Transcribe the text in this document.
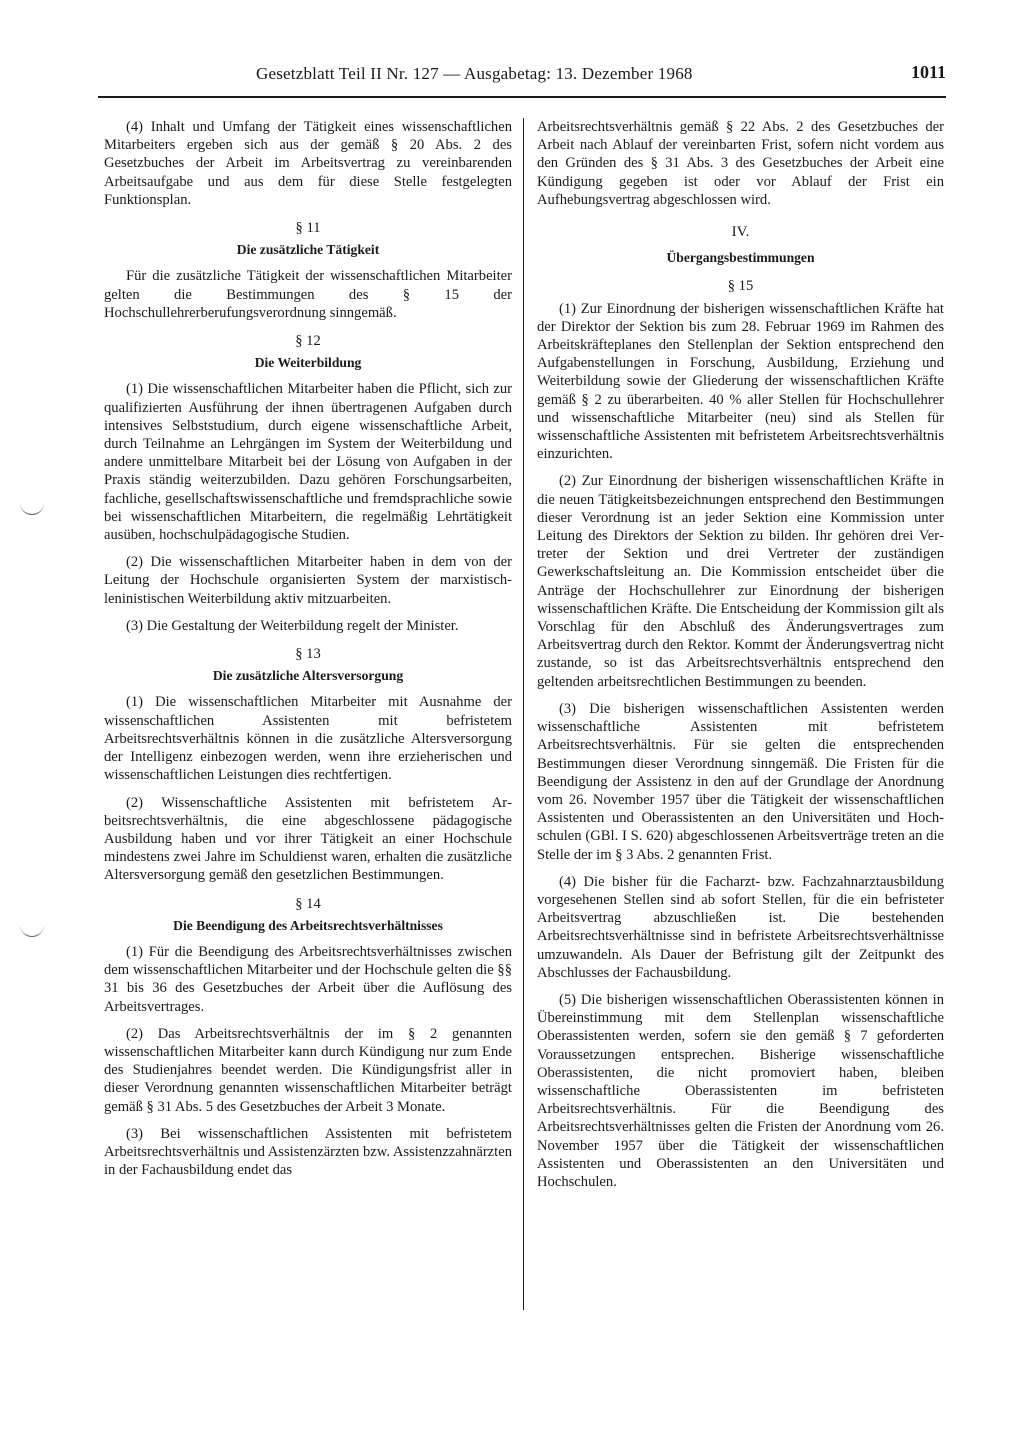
Gesetzblatt Teil II Nr. 127 — Ausgabetag: 13. Dezember 1968	1011

(4) Inhalt und Umfang der Tätigkeit eines wissenschaftlichen Mitarbeiters ergeben sich aus der gemäß § 20 Abs. 2 des Gesetzbuches der Arbeit im Arbeitsvertrag zu vereinbarenden Arbeitsaufgabe und aus dem für diese Stelle festgelegten Funktionsplan.

§ 11
Die zusätzliche Tätigkeit

Für die zusätzliche Tätigkeit der wissenschaftlichen Mitarbeiter gelten die Bestimmungen des § 15 der Hochschullehrerberufungsverordnung sinngemäß.

§ 12
Die Weiterbildung

(1) Die wissenschaftlichen Mitarbeiter haben die Pflicht, sich zur qualifizierten Ausführung der ihnen übertragenen Aufgaben durch intensives Selbststudium, durch eigene wissenschaftliche Arbeit, durch Teilnahme an Lehrgängen im System der Weiterbildung und andere unmittelbare Mitarbeit bei der Lösung von Aufgaben in der Praxis ständig weiterzubilden. Dazu gehören Forschungsarbeiten, fachliche, gesellschaftswissenschaftliche und fremdsprachliche sowie bei wissenschaftlichen Mitarbeitern, die regelmäßig Lehrtätigkeit ausüben, hochschulpädagogische Studien.

(2) Die wissenschaftlichen Mitarbeiter haben in dem von der Leitung der Hochschule organisierten System der marxistisch-leninistischen Weiterbildung aktiv mitzuarbeiten.

(3) Die Gestaltung der Weiterbildung regelt der Minister.

§ 13
Die zusätzliche Altersversorgung

(1) Die wissenschaftlichen Mitarbeiter mit Ausnahme der wissenschaftlichen Assistenten mit befristetem Arbeitsrechtsverhältnis können in die zusätzliche Altersversorgung der Intelligenz einbezogen werden, wenn ihre erzieherischen und wissenschaftlichen Leistungen dies rechtfertigen.

(2) Wissenschaftliche Assistenten mit befristetem Arbeitsrechtsverhältnis, die eine abgeschlossene pädagogische Ausbildung haben und vor ihrer Tätigkeit an einer Hochschule mindestens zwei Jahre im Schuldienst waren, erhalten die zusätzliche Altersversorgung gemäß den gesetzlichen Bestimmungen.

§ 14
Die Beendigung des Arbeitsrechtsverhältnisses

(1) Für die Beendigung des Arbeitsrechtsverhältnisses zwischen dem wissenschaftlichen Mitarbeiter und der Hochschule gelten die §§ 31 bis 36 des Gesetzbuches der Arbeit über die Auflösung des Arbeitsvertrages.

(2) Das Arbeitsrechtsverhältnis der im § 2 genannten wissenschaftlichen Mitarbeiter kann durch Kündigung nur zum Ende des Studienjahres beendet werden. Die Kündigungsfrist aller in dieser Verordnung genannten wissenschaftlichen Mitarbeiter beträgt gemäß § 31 Abs. 5 des Gesetzbuches der Arbeit 3 Monate.

(3) Bei wissenschaftlichen Assistenten mit befristetem Arbeitsrechtsverhältnis und Assistenzärzten bzw. Assistenzzahnärzten in der Fachausbildung endet das

Arbeitsrechtsverhältnis gemäß § 22 Abs. 2 des Gesetzbuches der Arbeit nach Ablauf der vereinbarten Frist, sofern nicht vordem aus den Gründen des § 31 Abs. 3 des Gesetzbuches der Arbeit eine Kündigung gegeben ist oder vor Ablauf der Frist ein Aufhebungsvertrag abgeschlossen wird.

IV.
Übergangsbestimmungen
§ 15

(1) Zur Einordnung der bisherigen wissenschaftlichen Kräfte hat der Direktor der Sektion bis zum 28. Februar 1969 im Rahmen des Arbeitskräfteplanes den Stellenplan der Sektion entsprechend den Aufgabenstellungen in Forschung, Ausbildung, Erziehung und Weiterbildung sowie der Gliederung der wissenschaftlichen Kräfte gemäß § 2 zu überarbeiten. 40 % aller Stellen für Hochschullehrer und wissenschaftliche Mitarbeiter (neu) sind als Stellen für wissenschaftliche Assistenten mit befristetem Arbeitsrechtsverhältnis einzurichten.

(2) Zur Einordnung der bisherigen wissenschaftlichen Kräfte in die neuen Tätigkeitsbezeichnungen entsprechend den Bestimmungen dieser Verordnung ist an jeder Sektion eine Kommission unter Leitung des Direktors der Sektion zu bilden. Ihr gehören drei Vertreter der Sektion und drei Vertreter der zuständigen Gewerkschaftsleitung an. Die Kommission entscheidet über die Anträge der Hochschullehrer zur Einordnung der bisherigen wissenschaftlichen Kräfte. Die Entscheidung der Kommission gilt als Vorschlag für den Abschluß des Änderungsvertrages zum Arbeitsvertrag durch den Rektor. Kommt der Änderungsvertrag nicht zustande, so ist das Arbeitsrechtsverhältnis entsprechend den geltenden arbeitsrechtlichen Bestimmungen zu beenden.

(3) Die bisherigen wissenschaftlichen Assistenten werden wissenschaftliche Assistenten mit befristetem Arbeitsrechtsverhältnis. Für sie gelten die entsprechenden Bestimmungen dieser Verordnung sinngemäß. Die Fristen für die Beendigung der Assistenz in den auf der Grundlage der Anordnung vom 26. November 1957 über die Tätigkeit der wissenschaftlichen Assistenten und Oberassistenten an den Universitäten und Hochschulen (GBl. I S. 620) abgeschlossenen Arbeitsverträge treten an die Stelle der im § 3 Abs. 2 genannten Frist.

(4) Die bisher für die Facharzt- bzw. Fachzahnarztausbildung vorgesehenen Stellen sind ab sofort Stellen, für die ein befristeter Arbeitsvertrag abzuschließen ist. Die bestehenden Arbeitsrechtsverhältnisse sind in befristete Arbeitsrechtsverhältnisse umzuwandeln. Als Dauer der Befristung gilt der Zeitpunkt des Abschlusses der Fachausbildung.

(5) Die bisherigen wissenschaftlichen Oberassistenten können in Übereinstimmung mit dem Stellenplan wissenschaftliche Oberassistenten werden, sofern sie den gemäß § 7 geforderten Voraussetzungen entsprechen. Bisherige wissenschaftliche Oberassistenten, die nicht promoviert haben, bleiben wissenschaftliche Oberassistenten im befristeten Arbeitsrechtsverhältnis. Für die Beendigung des Arbeitsrechtsverhältnisses gelten die Fristen der Anordnung vom 26. November 1957 über die Tätigkeit der wissenschaftlichen Assistenten und Oberassistenten an den Universitäten und Hochschulen.
